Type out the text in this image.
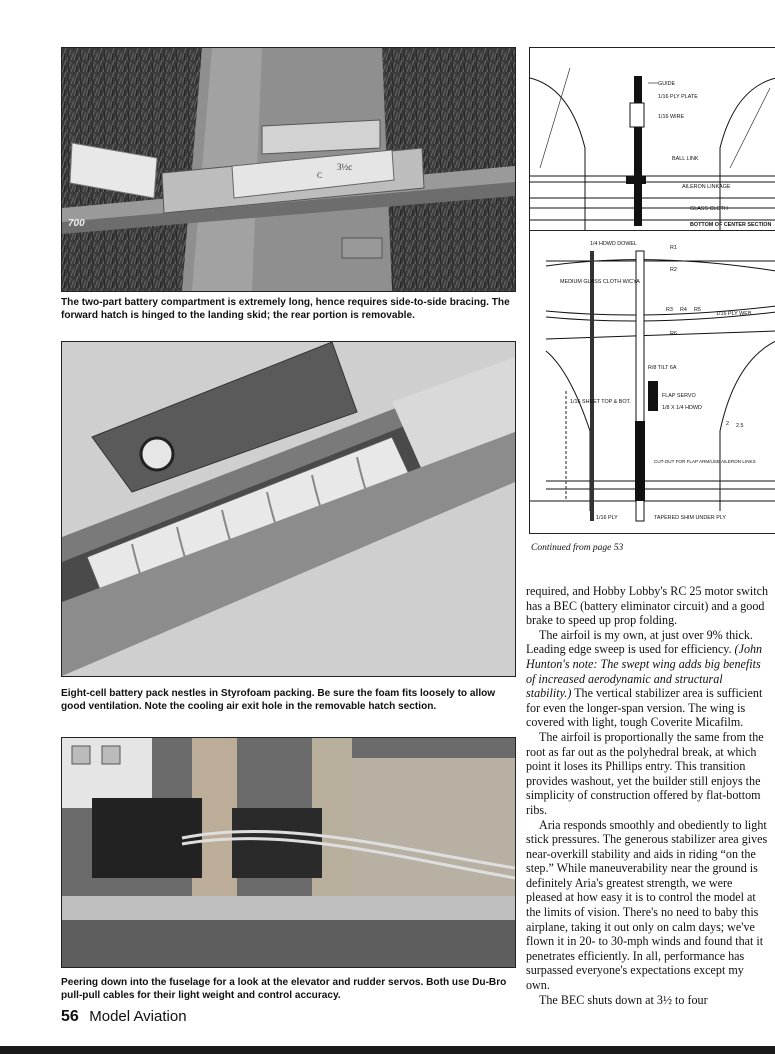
3½c
C
700
The two-part battery compartment is extremely long, hence requires side-to-side bracing. The forward hatch is hinged to the landing skid; the rear portion is removable.
Eight-cell battery pack nestles in Styrofoam packing. Be sure the foam fits loosely to allow good ventilation. Note the cooling air exit hole in the removable hatch section.
Peering down into the fuselage for a look at the elevator and rudder servos. Both use Du-Bro pull-pull cables for their light weight and control accuracy.
GUIDE
1/16 PLY PLATE
1/16 WIRE
BALL LINK
AILERON LINKAGE
GLASS CLOTH
BOTTOM OF CENTER SECTION
1/4 HDWD DOWEL
R1
R2
MEDIUM GLASS CLOTH W/CYA
R3 R4 R5
1/16 PLY WEB
R6
R/8 TILT 6A
1/16 SHEET TOP & BOT.
FLAP SERVO
1/8 X 1/4 HDWD
2 2.5
CUT-OUT FOR FLAP ARM/USE AILERON LINKS
1/16 PLY	TAPERED SHIM UNDER PLY
Continued from page 53

required, and Hobby Lobby's RC 25 motor switch has a BEC (battery eliminator circuit) and a good brake to speed up prop folding.

The airfoil is my own, at just over 9% thick. Leading edge sweep is used for efficiency. (John Hunton's note: The swept wing adds big benefits of increased aerodynamic and structural stability.) The vertical stabilizer area is sufficient for even the longer-span version. The wing is covered with light, tough Coverite Micafilm.

The airfoil is proportionally the same from the root as far out as the polyhedral break, at which point it loses its Phillips entry. This transition provides washout, yet the builder still enjoys the simplicity of construction offered by flat-bottom ribs.

Aria responds smoothly and obediently to light stick pressures. The generous stabilizer area gives near-overkill stability and aids in riding “on the step.” While maneuverability near the ground is definitely Aria's greatest strength, we were pleased at how easy it is to control the model at the limits of vision. There's no need to baby this airplane, taking it out only on calm days; we've flown it in 20- to 30-mph winds and found that it penetrates efficiently. In all, performance has surpassed everyone's expectations except my own.

The BEC shuts down at 3½ to four

56 Model Aviation
